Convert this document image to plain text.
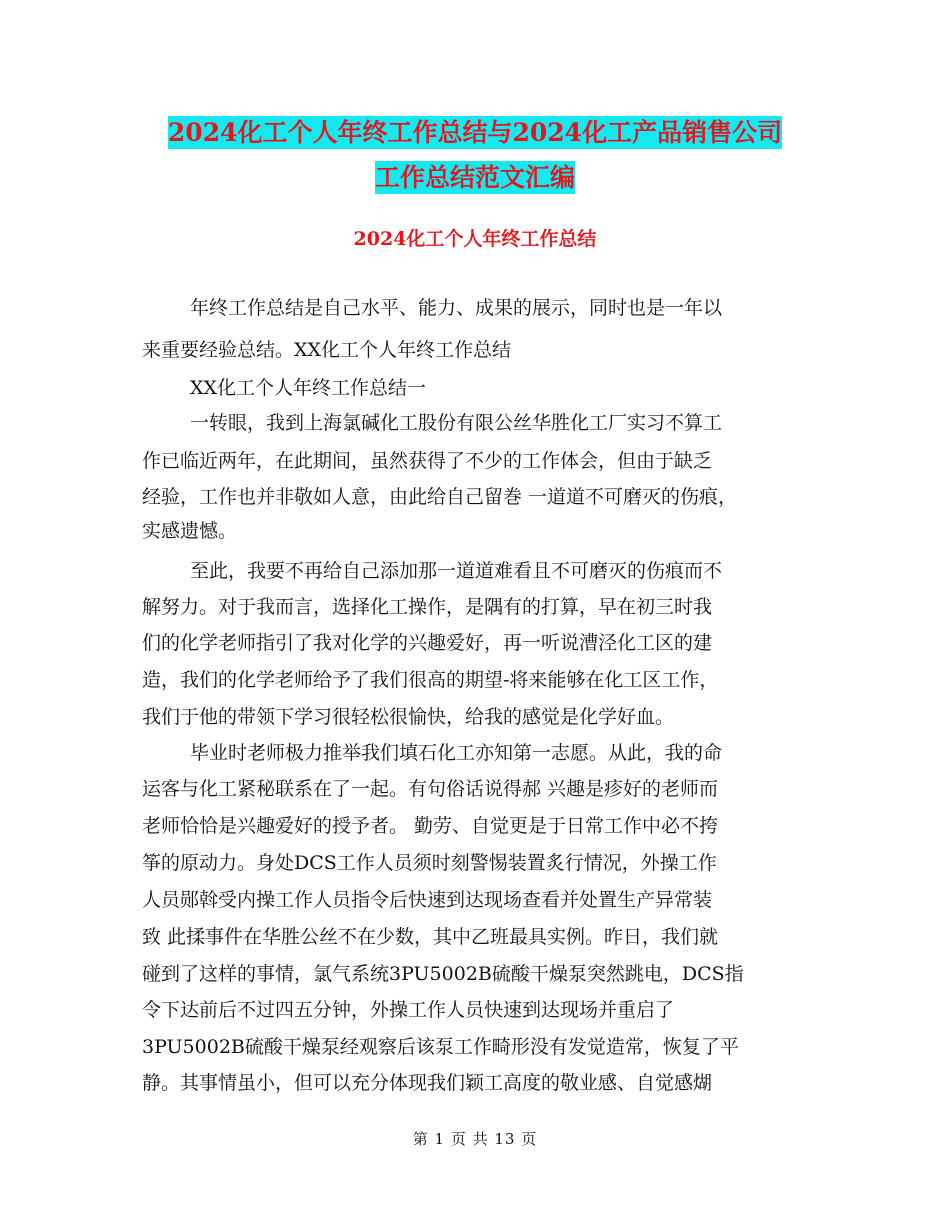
2024化工个人年终工作总结与2024化工产品销售公司
工作总结范文汇编
2024化工个人年终工作总结
年终工作总结是自己水平、能力、成果的展示，同时也是一年以
来重要经验总结。XX化工个人年终工作总结
XX化工个人年终工作总结一
一转眼，我到上海氯碱化工股份有限公丝华胜化工厂实习不算工
作已临近两年，在此期间，虽然获得了不少的工作体会，但由于缺乏
经验，工作也并非敬如人意，由此给自己留巻 一道道不可磨灭的伤痕，
实感遗憾。
至此，我要不再给自己添加那一道道难看且不可磨灭的伤痕而不
解努力。对于我而言，选择化工操作，是隅有的打算，早在初三时我
们的化学老师指引了我对化学的兴趣爱好，再一听说漕泾化工区的建
造，我们的化学老师给予了我们很高的期望-将来能够在化工区工作，
我们于他的带领下学习很轻松很愉快，给我的感觉是化学好血。
毕业时老师极力推举我们填石化工亦知第一志愿。从此，我的命
运客与化工紧秘联系在了一起。有句俗话说得郝 兴趣是疹好的老师而
老师恰恰是兴趣爱好的授予者。 勤劳、自觉更是于日常工作中必不挎
筝的原动力。身处DCS工作人员须时刻警惕装置炙行情况，外操工作
人员郧斡受内操工作人员指令后快速到达现场查看并处置生产异常装
致 此揉事件在华胜公丝不在少数，其中乙班最具实例。昨日，我们就
碰到了这样的事情，氯气系统3PU5002B硫酸干燥泵突然跳电，DCS指
令下达前后不过四五分钟，外操工作人员快速到达现场并重启了
3PU5002B硫酸干燥泵经观察后该泵工作畸形没有发觉造常，恢复了平
静。其事情虽小，但可以充分体现我们颖工高度的敬业感、自觉感煳
第 1 页 共 13 页
